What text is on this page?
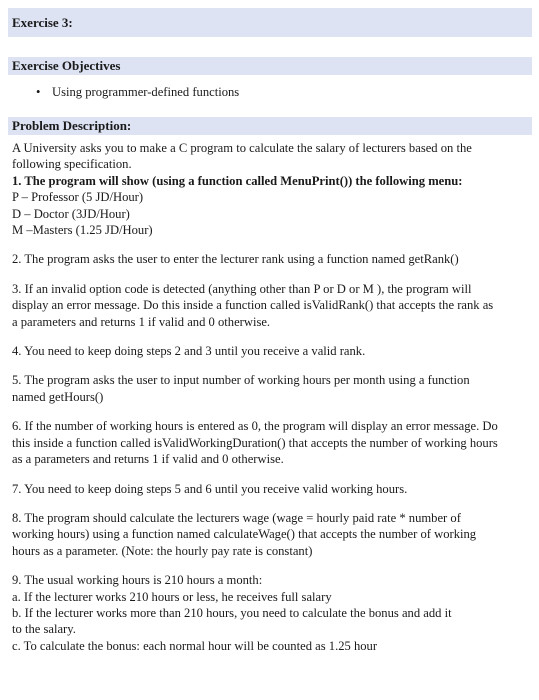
Exercise 3:
Exercise Objectives
• Using programmer-defined functions
Problem Description:
A University asks you to make a C program to calculate the salary of lecturers based on the
following specification.
1. The program will show (using a function called MenuPrint()) the following menu:
P – Professor (5 JD/Hour)
D – Doctor (3JD/Hour)
M –Masters (1.25 JD/Hour)
2. The program asks the user to enter the lecturer rank using a function named getRank()
3. If an invalid option code is detected (anything other than P or D or M ), the program will
display an error message. Do this inside a function called isValidRank() that accepts the rank as
a parameters and returns 1 if valid and 0 otherwise.
4. You need to keep doing steps 2 and 3 until you receive a valid rank.
5. The program asks the user to input number of working hours per month using a function
named getHours()
6. If the number of working hours is entered as 0, the program will display an error message. Do
this inside a function called isValidWorkingDuration() that accepts the number of working hours
as a parameters and returns 1 if valid and 0 otherwise.
7. You need to keep doing steps 5 and 6 until you receive valid working hours.
8. The program should calculate the lecturers wage (wage = hourly paid rate * number of
working hours) using a function named calculateWage() that accepts the number of working
hours as a parameter. (Note: the hourly pay rate is constant)
9. The usual working hours is 210 hours a month:
a. If the lecturer works 210 hours or less, he receives full salary
b. If the lecturer works more than 210 hours, you need to calculate the bonus and add it
to the salary.
c. To calculate the bonus: each normal hour will be counted as 1.25 hour
